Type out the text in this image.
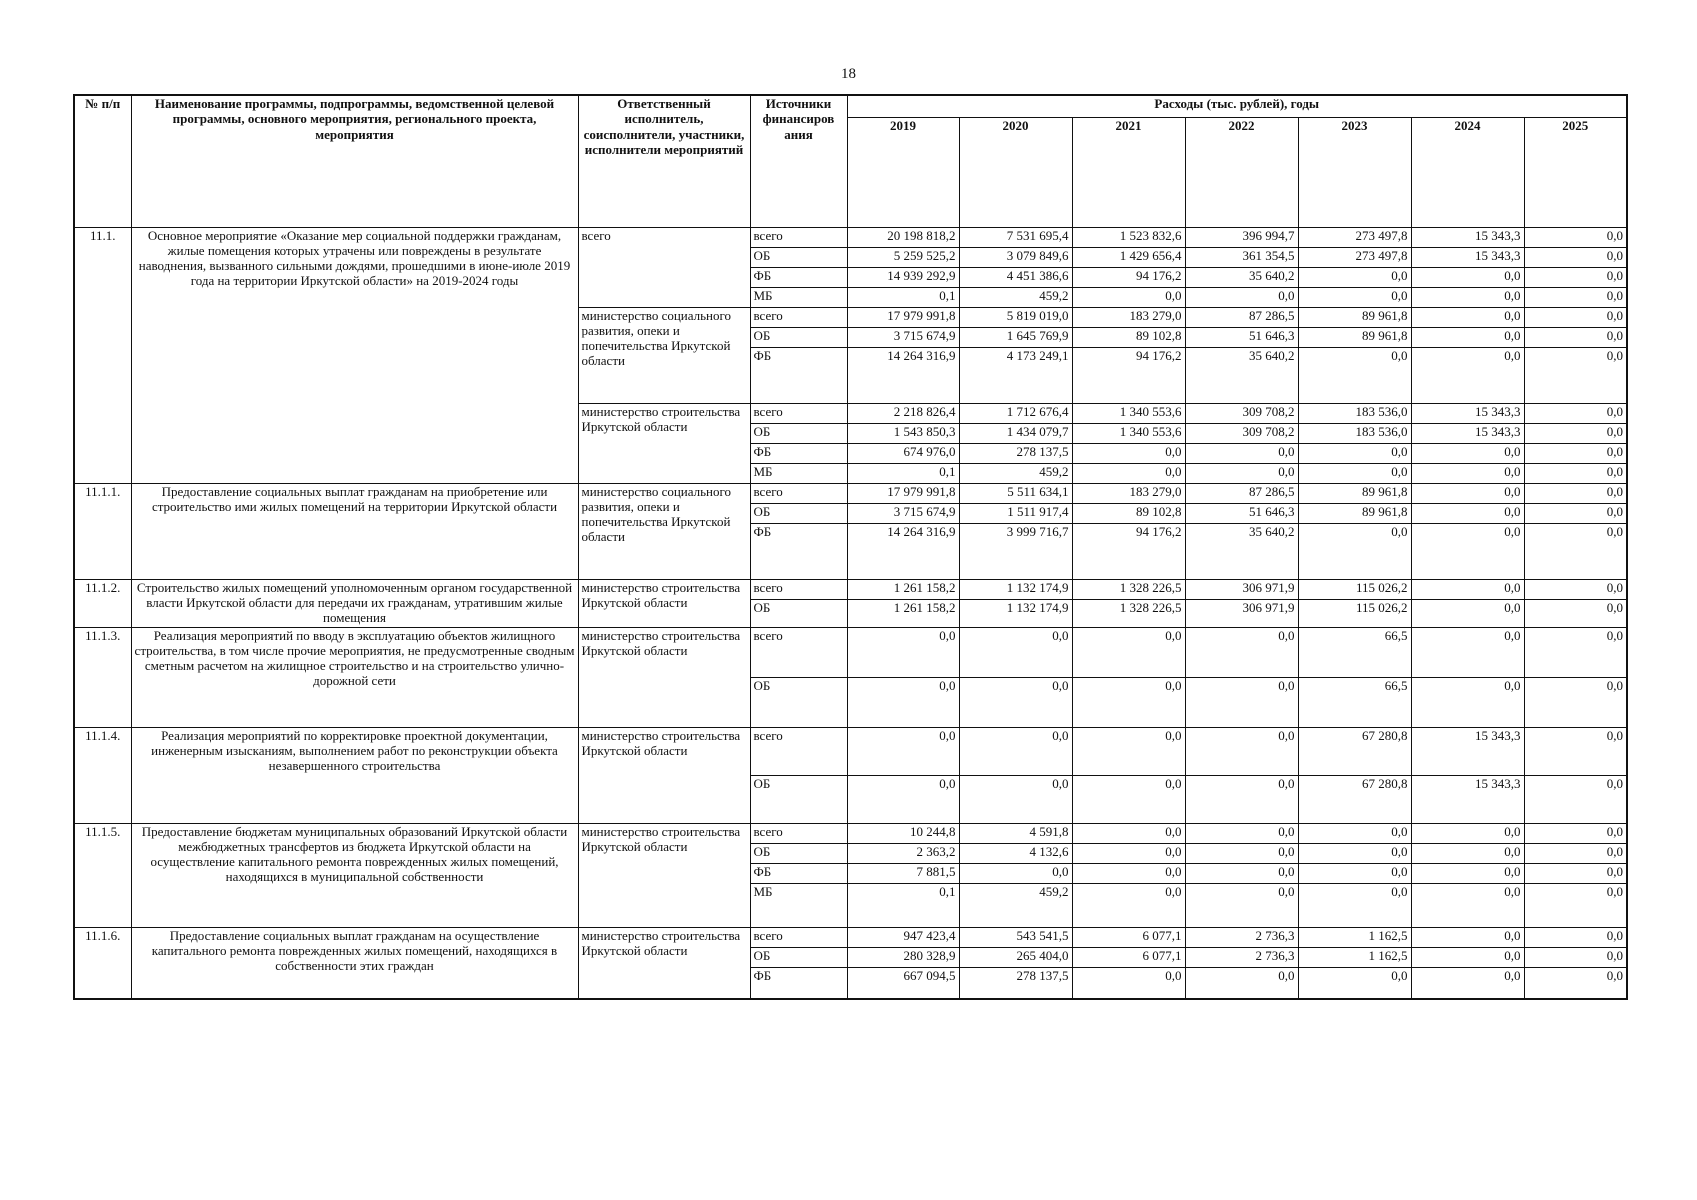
18
№ п/п	Наименование программы, подпрограммы, ведомственной целевой программы, основного мероприятия, регионального проекта, мероприятия	Ответственный исполнитель, соисполнители, участники, исполнители мероприятий	Источники финансиров ания	Расходы (тыс. рублей), годы						
				2019	2020	2021	2022	2023	2024	2025
11.1.	Основное мероприятие «Оказание мер социальной поддержки гражданам, жилые помещения которых утрачены или повреждены в результате наводнения, вызванного сильными дождями, прошедшими в июне-июле 2019 года на территории Иркутской области» на 2019-2024 годы	всего	всего	20 198 818,2	7 531 695,4	1 523 832,6	396 994,7	273 497,8	15 343,3	0,0
			ОБ	5 259 525,2	3 079 849,6	1 429 656,4	361 354,5	273 497,8	15 343,3	0,0
			ФБ	14 939 292,9	4 451 386,6	94 176,2	35 640,2	0,0	0,0	0,0
			МБ	0,1	459,2	0,0	0,0	0,0	0,0	0,0
		министерство социального развития, опеки и попечительства Иркутской области	всего	17 979 991,8	5 819 019,0	183 279,0	87 286,5	89 961,8	0,0	0,0
			ОБ	3 715 674,9	1 645 769,9	89 102,8	51 646,3	89 961,8	0,0	0,0
			ФБ	14 264 316,9	4 173 249,1	94 176,2	35 640,2	0,0	0,0	0,0
		министерство строительства Иркутской области	всего	2 218 826,4	1 712 676,4	1 340 553,6	309 708,2	183 536,0	15 343,3	0,0
			ОБ	1 543 850,3	1 434 079,7	1 340 553,6	309 708,2	183 536,0	15 343,3	0,0
			ФБ	674 976,0	278 137,5	0,0	0,0	0,0	0,0	0,0
			МБ	0,1	459,2	0,0	0,0	0,0	0,0	0,0
11.1.1.	Предоставление социальных выплат гражданам на приобретение или строительство ими жилых помещений на территории Иркутской области	министерство социального развития, опеки и попечительства Иркутской области	всего	17 979 991,8	5 511 634,1	183 279,0	87 286,5	89 961,8	0,0	0,0
			ОБ	3 715 674,9	1 511 917,4	89 102,8	51 646,3	89 961,8	0,0	0,0
			ФБ	14 264 316,9	3 999 716,7	94 176,2	35 640,2	0,0	0,0	0,0
11.1.2.	Строительство жилых помещений уполномоченным органом государственной власти Иркутской области для передачи их гражданам, утратившим жилые помещения	министерство строительства Иркутской области	всего	1 261 158,2	1 132 174,9	1 328 226,5	306 971,9	115 026,2	0,0	0,0
			ОБ	1 261 158,2	1 132 174,9	1 328 226,5	306 971,9	115 026,2	0,0	0,0
11.1.3.	Реализация мероприятий по вводу в эксплуатацию объектов жилищного строительства, в том числе прочие мероприятия, не предусмотренные сводным сметным расчетом на жилищное строительство и на строительство улично-дорожной сети	министерство строительства Иркутской области	всего	0,0	0,0	0,0	0,0	66,5	0,0	0,0
			ОБ	0,0	0,0	0,0	0,0	66,5	0,0	0,0
11.1.4.	Реализация мероприятий по корректировке проектной документации, инженерным изысканиям, выполнением работ по реконструкции объекта незавершенного строительства	министерство строительства Иркутской области	всего	0,0	0,0	0,0	0,0	67 280,8	15 343,3	0,0
			ОБ	0,0	0,0	0,0	0,0	67 280,8	15 343,3	0,0
11.1.5.	Предоставление бюджетам муниципальных образований Иркутской области межбюджетных трансфертов из бюджета Иркутской области на осуществление капитального ремонта поврежденных жилых помещений, находящихся в муниципальной собственности	министерство строительства Иркутской области	всего	10 244,8	4 591,8	0,0	0,0	0,0	0,0	0,0
			ОБ	2 363,2	4 132,6	0,0	0,0	0,0	0,0	0,0
			ФБ	7 881,5	0,0	0,0	0,0	0,0	0,0	0,0
			МБ	0,1	459,2	0,0	0,0	0,0	0,0	0,0
11.1.6.	Предоставление социальных выплат гражданам на осуществление капитального ремонта поврежденных жилых помещений, находящихся в собственности этих граждан	министерство строительства Иркутской области	всего	947 423,4	543 541,5	6 077,1	2 736,3	1 162,5	0,0	0,0
			ОБ	280 328,9	265 404,0	6 077,1	2 736,3	1 162,5	0,0	0,0
			ФБ	667 094,5	278 137,5	0,0	0,0	0,0	0,0	0,0
